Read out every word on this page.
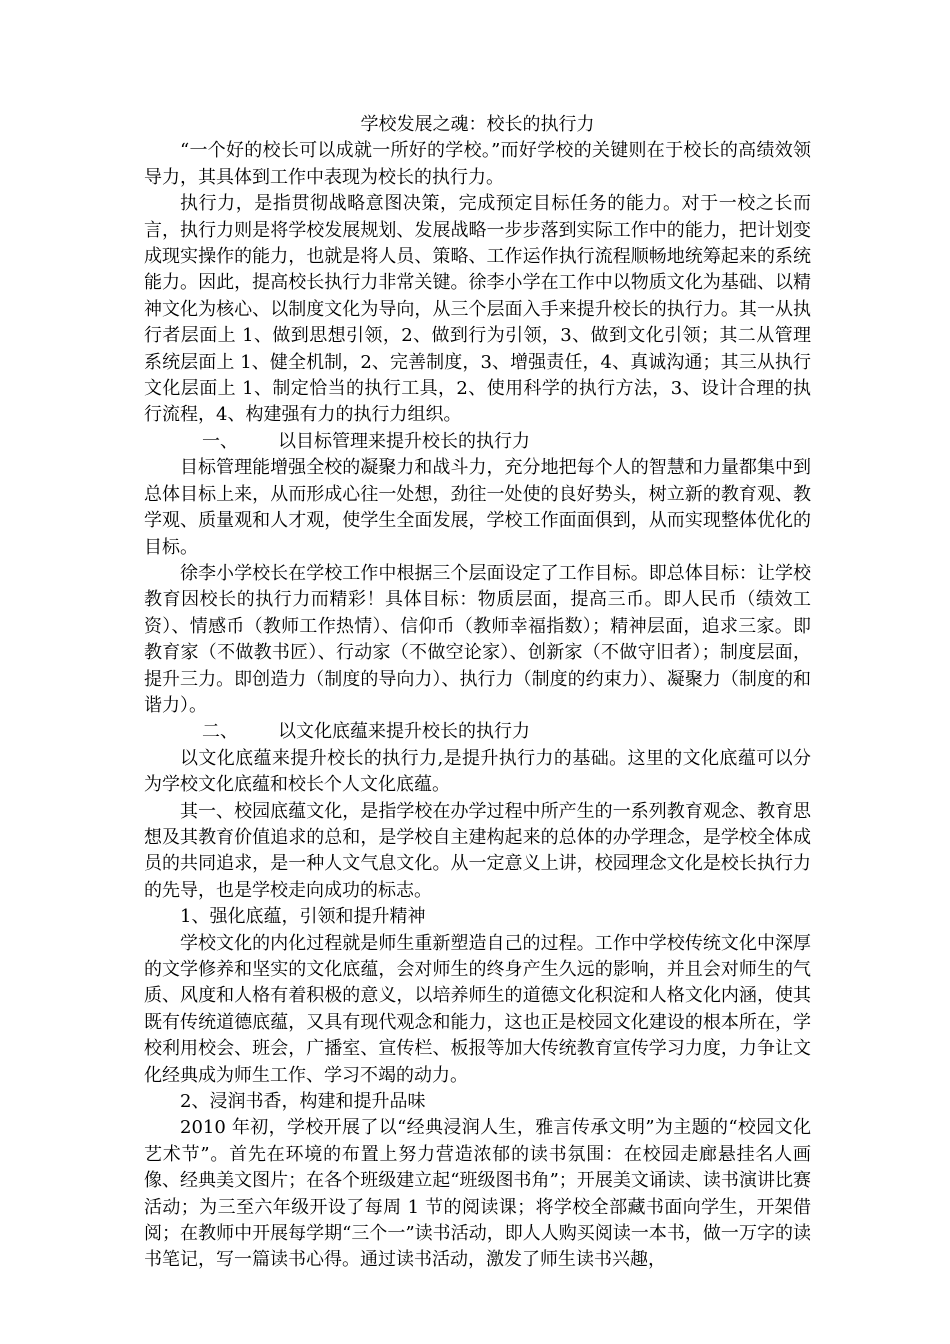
学校发展之魂：校长的执行力

“一个好的校长可以成就一所好的学校。”而好学校的关键则在于校长的高绩效领导力，其具体到工作中表现为校长的执行力。

执行力，是指贯彻战略意图决策，完成预定目标任务的能力。对于一校之长而言，执行力则是将学校发展规划、发展战略一步步落到实际工作中的能力，把计划变成现实操作的能力，也就是将人员、策略、工作运作执行流程顺畅地统筹起来的系统能力。因此，提高校长执行力非常关键。徐李小学在工作中以物质文化为基础、以精神文化为核心、以制度文化为导向，从三个层面入手来提升校长的执行力。其一从执行者层面上 1、做到思想引领，2、做到行为引领，3、做到文化引领；其二从管理系统层面上 1、健全机制，2、完善制度，3、增强责任，4、真诚沟通；其三从执行文化层面上 1、制定恰当的执行工具，2、使用科学的执行方法，3、设计合理的执行流程，4、构建强有力的执行力组织。

一、 以目标管理来提升校长的执行力

目标管理能增强全校的凝聚力和战斗力，充分地把每个人的智慧和力量都集中到总体目标上来，从而形成心往一处想，劲往一处使的良好势头，树立新的教育观、教学观、质量观和人才观，使学生全面发展，学校工作面面俱到，从而实现整体优化的目标。

徐李小学校长在学校工作中根据三个层面设定了工作目标。即总体目标：让学校教育因校长的执行力而精彩！具体目标：物质层面，提高三币。即人民币（绩效工资）、情感币（教师工作热情）、信仰币（教师幸福指数）；精神层面，追求三家。即教育家（不做教书匠）、行动家（不做空论家）、创新家（不做守旧者）；制度层面，提升三力。即创造力（制度的导向力）、执行力（制度的约束力）、凝聚力（制度的和谐力）。

二、 以文化底蕴来提升校长的执行力

以文化底蕴来提升校长的执行力,是提升执行力的基础。这里的文化底蕴可以分为学校文化底蕴和校长个人文化底蕴。

其一、校园底蕴文化，是指学校在办学过程中所产生的一系列教育观念、教育思想及其教育价值追求的总和，是学校自主建构起来的总体的办学理念，是学校全体成员的共同追求，是一种人文气息文化。从一定意义上讲，校园理念文化是校长执行力的先导，也是学校走向成功的标志。

1、强化底蕴，引领和提升精神

学校文化的内化过程就是师生重新塑造自己的过程。工作中学校传统文化中深厚的文学修养和坚实的文化底蕴，会对师生的终身产生久远的影响，并且会对师生的气质、风度和人格有着积极的意义，以培养师生的道德文化积淀和人格文化内涵，使其既有传统道德底蕴，又具有现代观念和能力，这也正是校园文化建设的根本所在，学校利用校会、班会，广播室、宣传栏、板报等加大传统教育宣传学习力度，力争让文化经典成为师生工作、学习不竭的动力。

2、浸润书香，构建和提升品味

2010 年初，学校开展了以“经典浸润人生，雅言传承文明”为主题的“校园文化艺术节”。首先在环境的布置上努力营造浓郁的读书氛围：在校园走廊悬挂名人画像、经典美文图片；在各个班级建立起“班级图书角”；开展美文诵读、读书演讲比赛活动；为三至六年级开设了每周 1 节的阅读课；将学校全部藏书面向学生，开架借阅；在教师中开展每学期“三个一”读书活动，即人人购买阅读一本书，做一万字的读书笔记，写一篇读书心得。通过读书活动，激发了师生读书兴趣，
